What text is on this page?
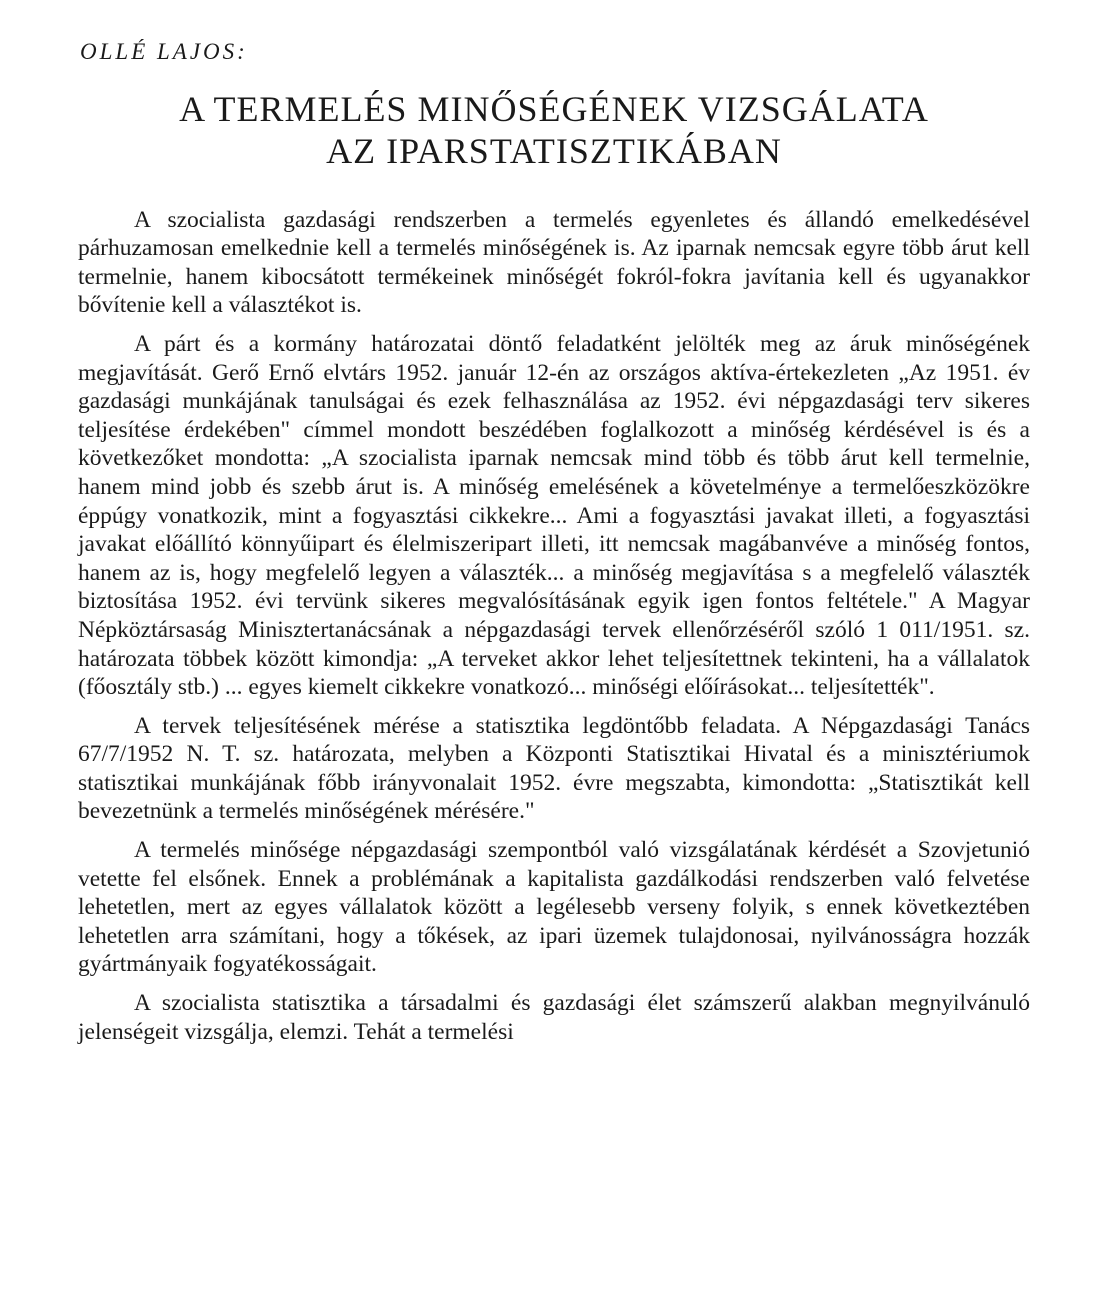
OLLÉ LAJOS:
A TERMELÉS MINŐSÉGÉNEK VIZSGÁLATA
AZ IPARSTATISZTIKÁBAN

A szocialista gazdasági rendszerben a termelés egyenletes és állandó emelkedésével párhuzamosan emelkednie kell a termelés minőségének is. Az iparnak nemcsak egyre több árut kell termelnie, hanem kibocsátott termékeinek minőségét fokról-fokra javítania kell és ugyanakkor bővítenie kell a választékot is.

A párt és a kormány határozatai döntő feladatként jelölték meg az áruk minőségének megjavítását. Gerő Ernő elvtárs 1952. január 12-én az országos aktíva-értekezleten „Az 1951. év gazdasági munkájának tanulságai és ezek felhasználása az 1952. évi népgazdasági terv sikeres teljesítése érdekében" címmel mondott beszédében foglalkozott a minőség kérdésével is és a következőket mondotta: „A szocialista iparnak nemcsak mind több és több árut kell termelnie, hanem mind jobb és szebb árut is. A minőség emelésének a követelménye a termelőeszközökre éppúgy vonatkozik, mint a fogyasztási cikkekre... Ami a fogyasztási javakat illeti, a fogyasztási javakat előállító könnyűipart és élelmiszeripart illeti, itt nemcsak magábanvéve a minőség fontos, hanem az is, hogy megfelelő legyen a választék... a minőség megjavítása s a megfelelő választék biztosítása 1952. évi tervünk sikeres megvalósításának egyik igen fontos feltétele." A Magyar Népköztársaság Minisztertanácsának a népgazdasági tervek ellenőrzéséről szóló 1 011/1951. sz. határozata többek között kimondja: „A terveket akkor lehet teljesítettnek tekinteni, ha a vállalatok (főosztály stb.) ... egyes kiemelt cikkekre vonatkozó... minőségi előírásokat... teljesítették".

A tervek teljesítésének mérése a statisztika legdöntőbb feladata. A Népgazdasági Tanács 67/7/1952 N. T. sz. határozata, melyben a Központi Statisztikai Hivatal és a minisztériumok statisztikai munkájának főbb irányvonalait 1952. évre megszabta, kimondotta: „Statisztikát kell bevezetnünk a termelés minőségének mérésére."

A termelés minősége népgazdasági szempontból való vizsgálatának kérdését a Szovjetunió vetette fel elsőnek. Ennek a problémának a kapitalista gazdálkodási rendszerben való felvetése lehetetlen, mert az egyes vállalatok között a legélesebb verseny folyik, s ennek következtében lehetetlen arra számítani, hogy a tőkések, az ipari üzemek tulajdonosai, nyilvánosságra hozzák gyártmányaik fogyatékosságait.

A szocialista statisztika a társadalmi és gazdasági élet számszerű alakban megnyilvánuló jelenségeit vizsgálja, elemzi. Tehát a termelési
